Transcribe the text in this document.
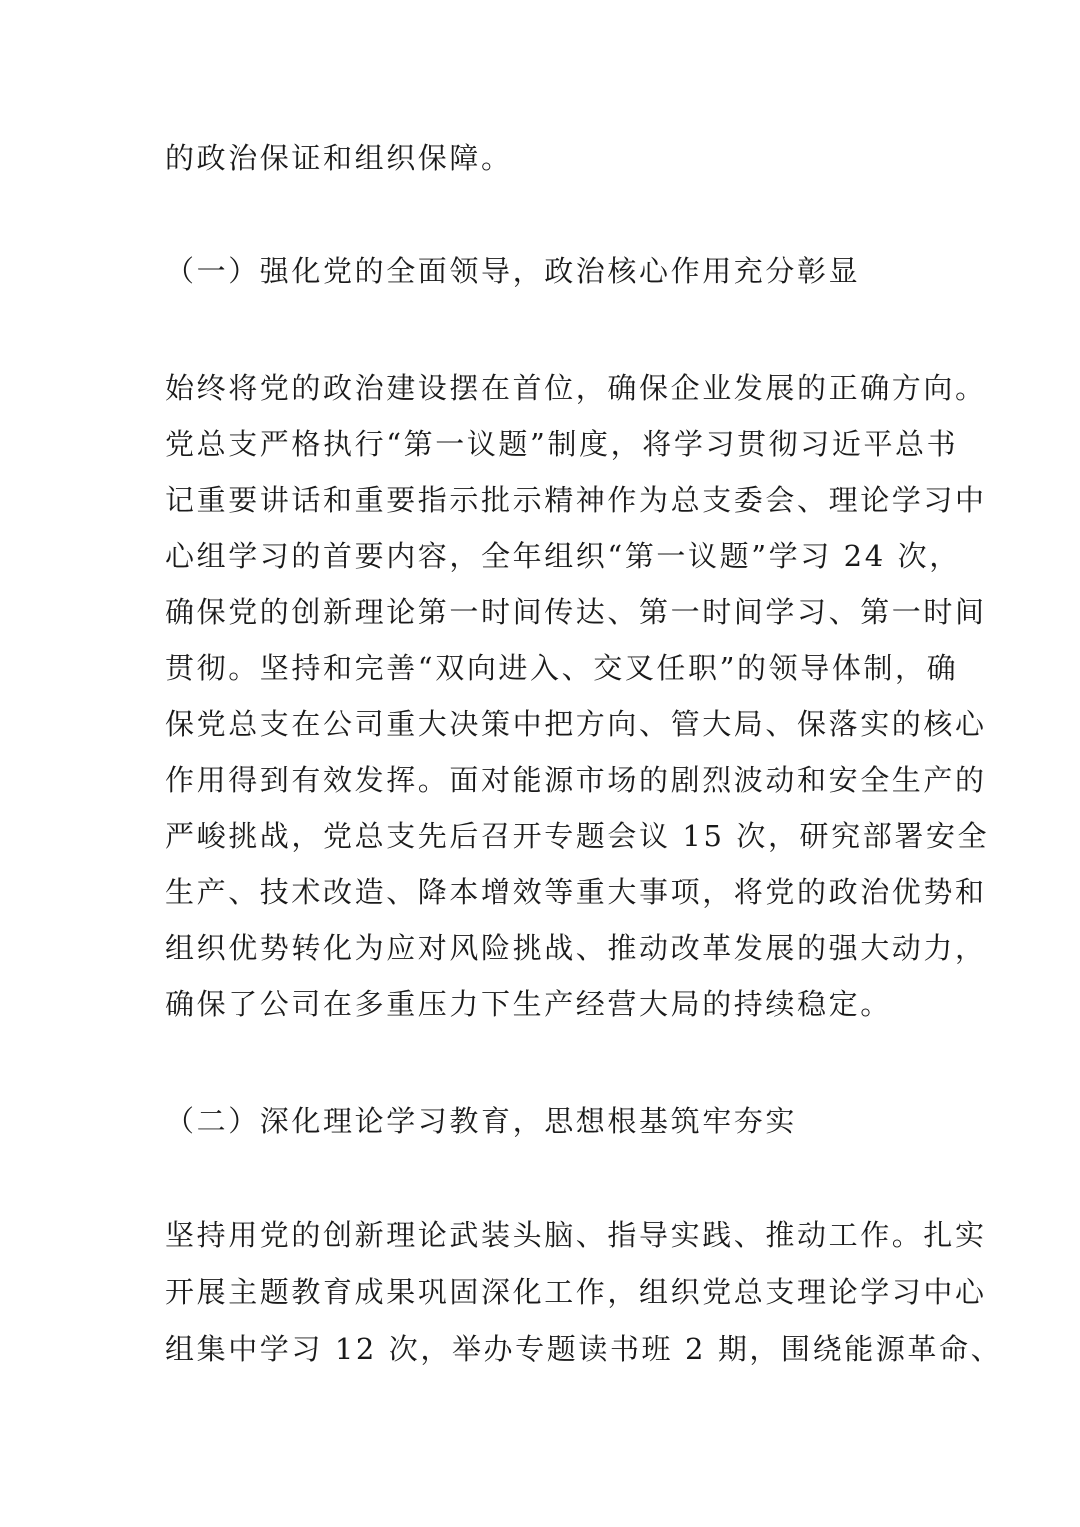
的政治保证和组织保障。
（一）强化党的全面领导，政治核心作用充分彰显
始终将党的政治建设摆在首位，确保企业发展的正确方向。
党总支严格执行“第一议题”制度，将学习贯彻习近平总书
记重要讲话和重要指示批示精神作为总支委会、理论学习中
心组学习的首要内容，全年组织“第一议题”学习 24 次，
确保党的创新理论第一时间传达、第一时间学习、第一时间
贯彻。坚持和完善“双向进入、交叉任职”的领导体制，确
保党总支在公司重大决策中把方向、管大局、保落实的核心
作用得到有效发挥。面对能源市场的剧烈波动和安全生产的
严峻挑战，党总支先后召开专题会议 15 次，研究部署安全
生产、技术改造、降本增效等重大事项，将党的政治优势和
组织优势转化为应对风险挑战、推动改革发展的强大动力，
确保了公司在多重压力下生产经营大局的持续稳定。
（二）深化理论学习教育，思想根基筑牢夯实
坚持用党的创新理论武装头脑、指导实践、推动工作。扎实
开展主题教育成果巩固深化工作，组织党总支理论学习中心
组集中学习 12 次，举办专题读书班 2 期，围绕能源革命、
